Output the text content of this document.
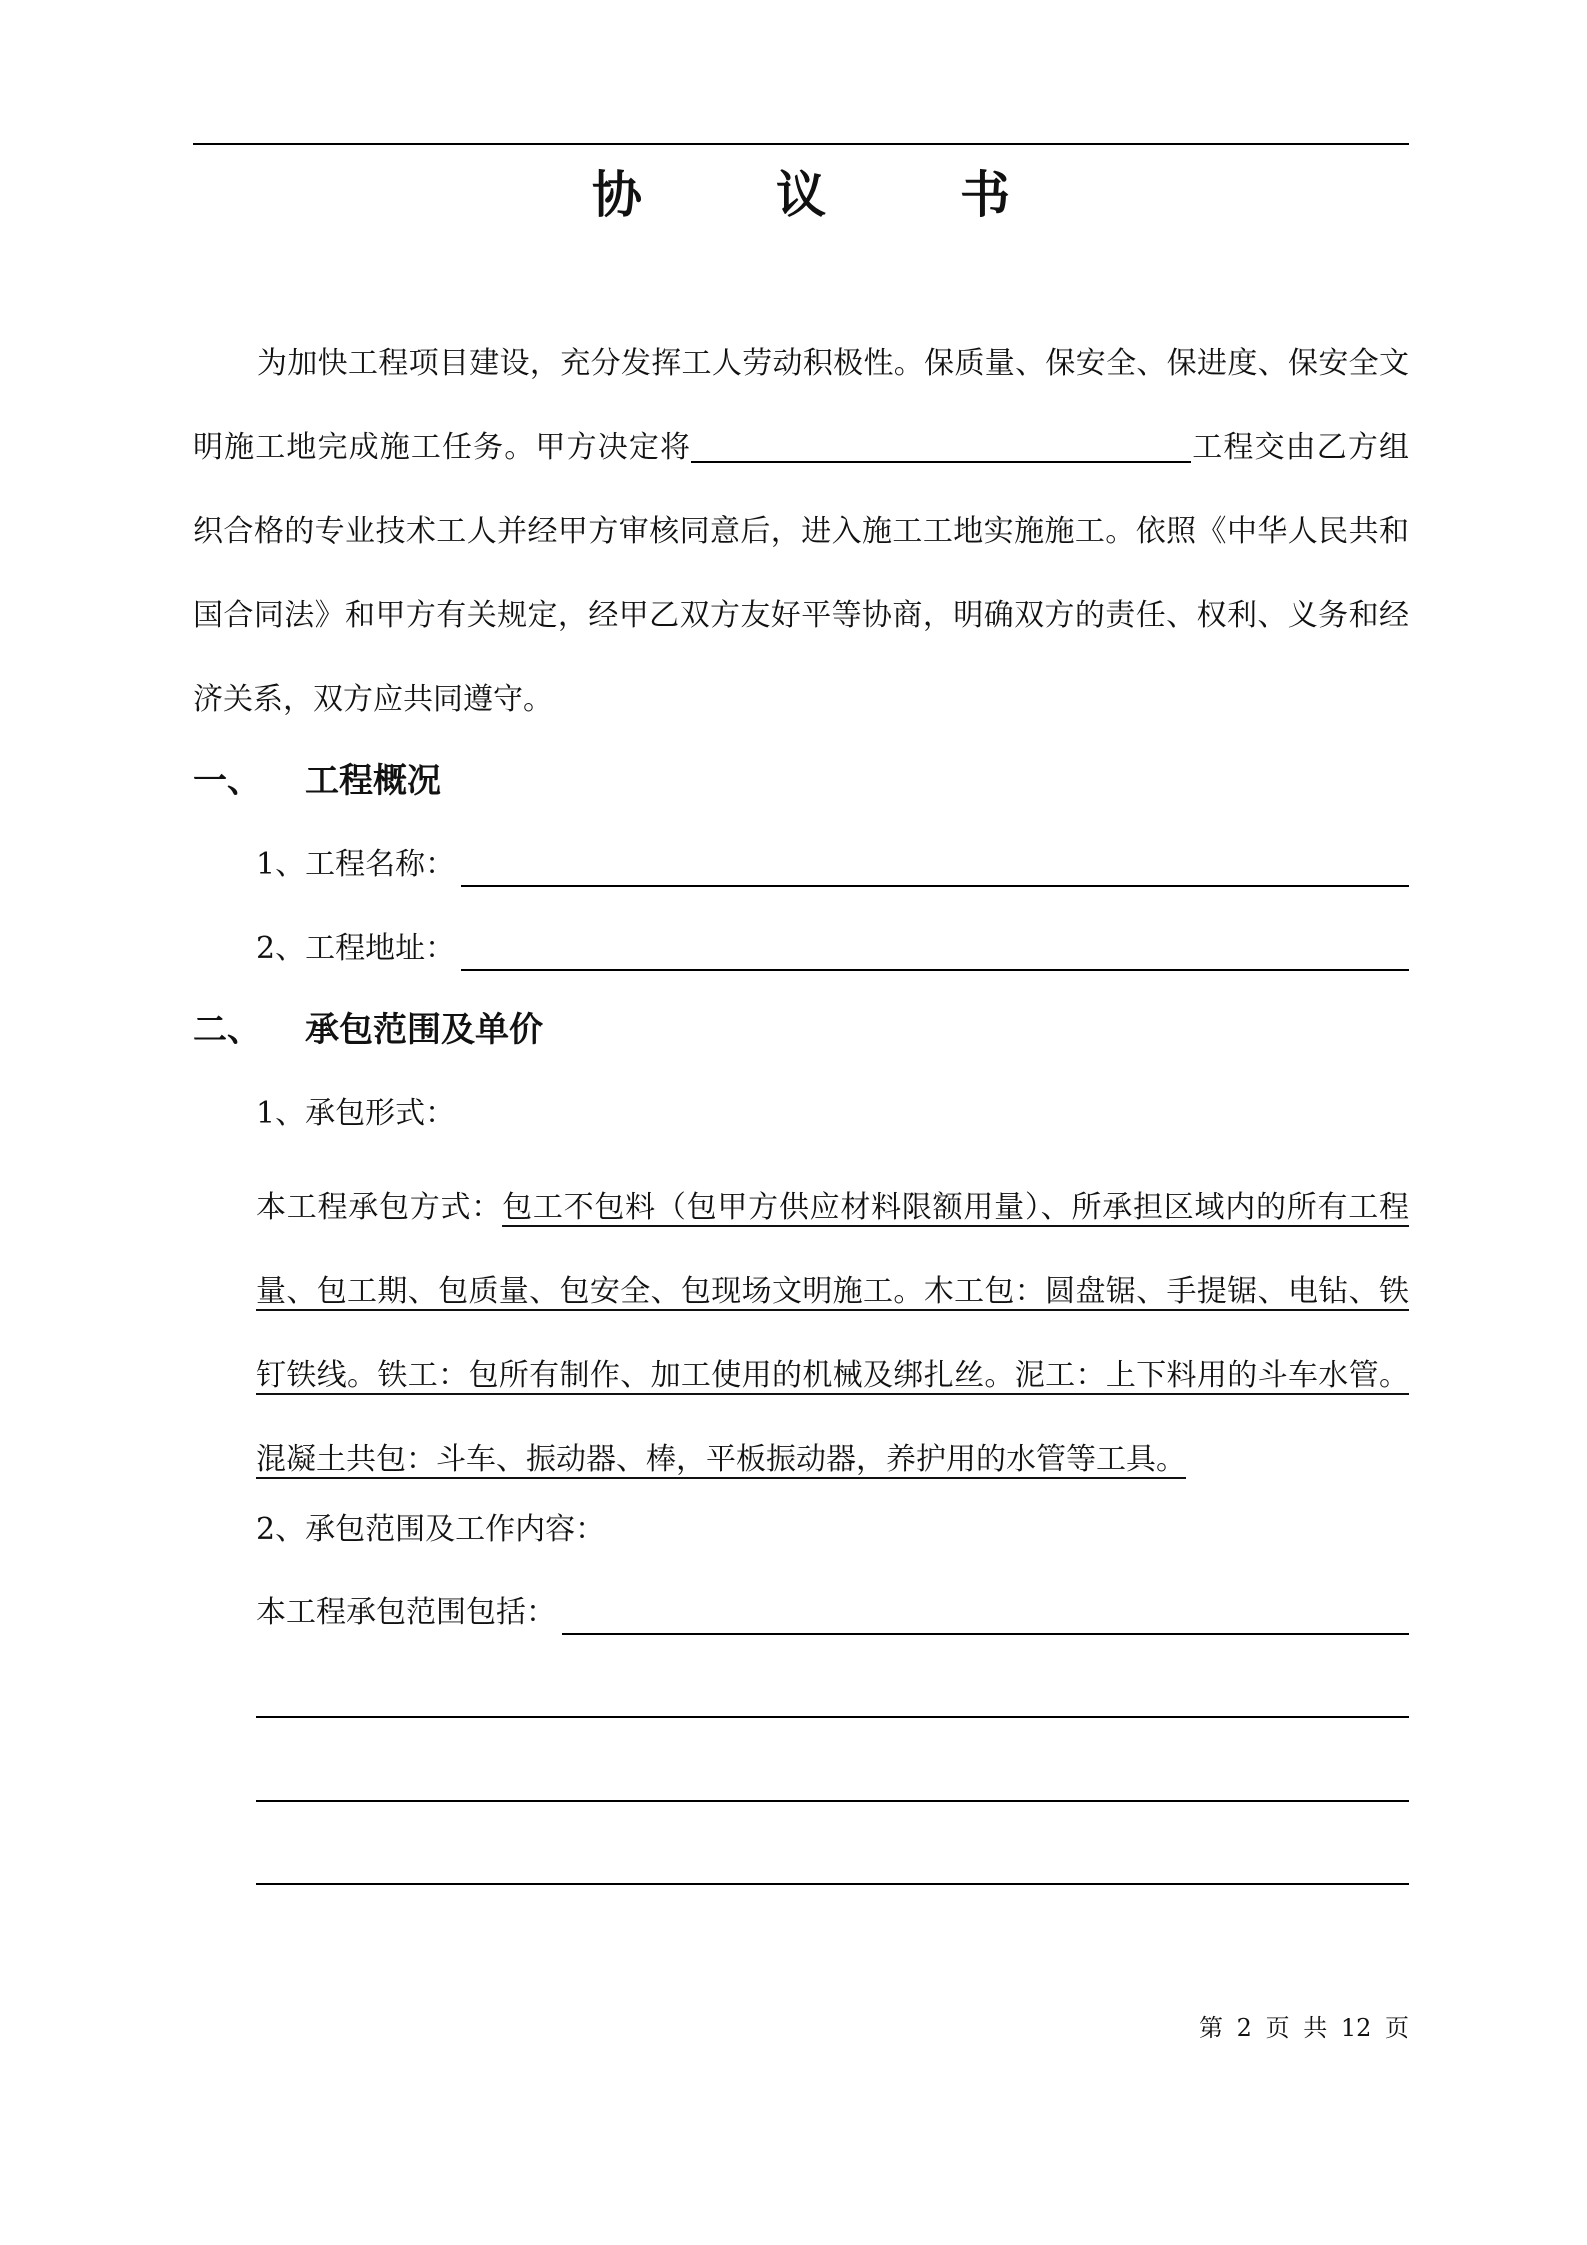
协　议　书

为加快工程项目建设，充分发挥工人劳动积极性。保质量、保安全、保进度、保安全文明施工地完成施工任务。甲方决定将	工程交由乙方组织合格的专业技术工人并经甲方审核同意后，进入施工工地实施施工。依照《中华人民共和国合同法》和甲方有关规定，经甲乙双方友好平等协商，明确双方的责任、权利、义务和经济关系，双方应共同遵守。

一、 工程概况
1、工程名称：
2、工程地址：
二、 承包范围及单价

1、承包形式：

本工程承包方式：包工不包料（包甲方供应材料限额用量）、所承担区域内的所有工程量、包工期、包质量、包安全、包现场文明施工。木工包：圆盘锯、手提锯、电钻、铁钉铁线。铁工：包所有制作、加工使用的机械及绑扎丝。泥工：上下料用的斗车水管。混凝土共包：斗车、振动器、棒，平板振动器，养护用的水管等工具。

2、承包范围及工作内容：

本工程承包范围包括：
第 2 页 共 12 页
